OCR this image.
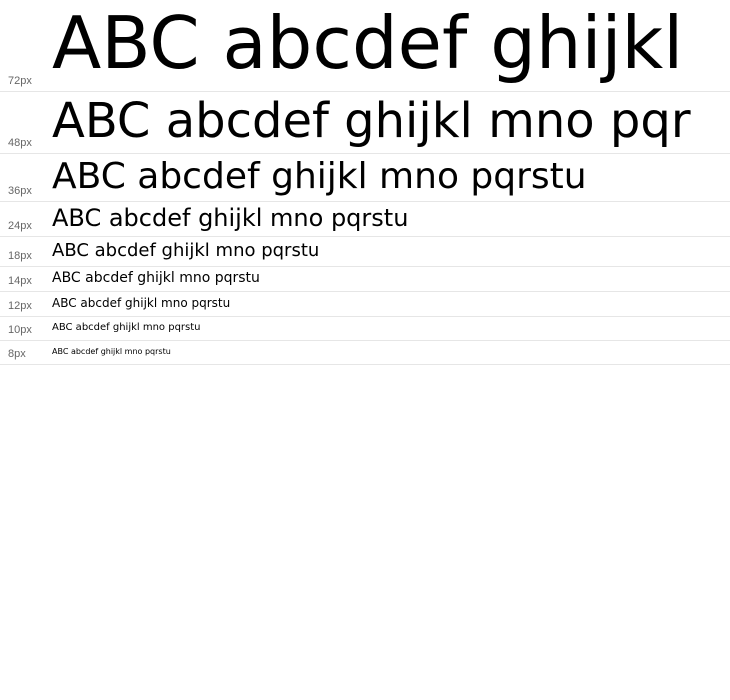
72px ABC abcdef ghijkl
48px ABC abcdef ghijkl mno pqr
36px ABC abcdef ghijkl mno pqrstu
24px ABC abcdef ghijkl mno pqrstu
18px ABC abcdef ghijkl mno pqrstu
14px ABC abcdef ghijkl mno pqrstu
12px ABC abcdef ghijkl mno pqrstu
10px ABC abcdef ghijkl mno pqrstu
8px	ABC abcdef ghijkl mno pqrstu
